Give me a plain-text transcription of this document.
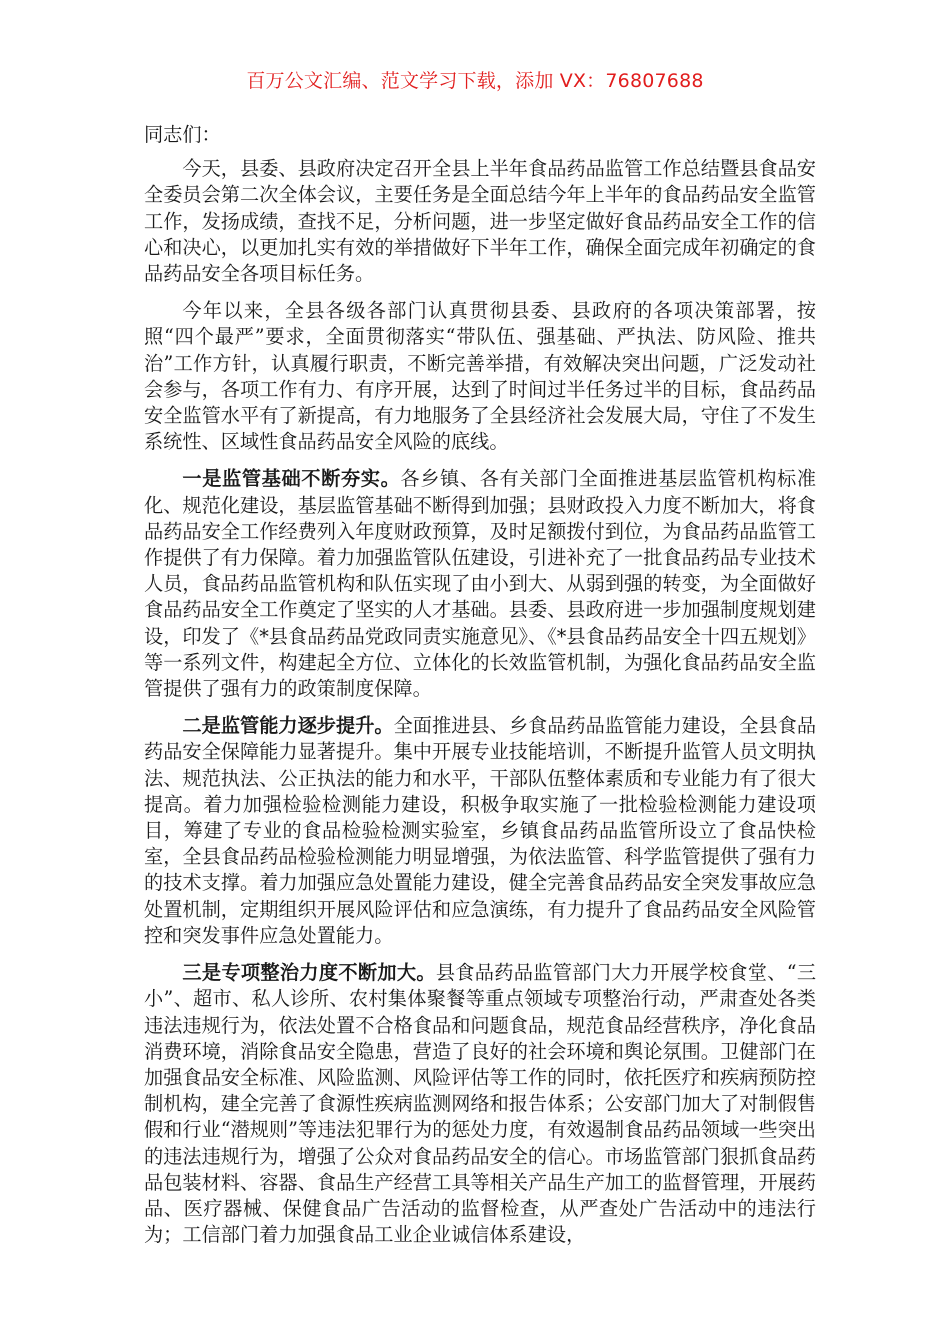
百万公文汇编、范文学习下载，添加 VX：76807688

同志们：

今天，县委、县政府决定召开全县上半年食品药品监管工作总结暨县食品安全委员会第二次全体会议，主要任务是全面总结今年上半年的食品药品安全监管工作，发扬成绩，查找不足，分析问题，进一步坚定做好食品药品安全工作的信心和决心，以更加扎实有效的举措做好下半年工作，确保全面完成年初确定的食品药品安全各项目标任务。

今年以来，全县各级各部门认真贯彻县委、县政府的各项决策部署，按照“四个最严”要求，全面贯彻落实“带队伍、强基础、严执法、防风险、推共治”工作方针，认真履行职责，不断完善举措，有效解决突出问题，广泛发动社会参与，各项工作有力、有序开展，达到了时间过半任务过半的目标，食品药品安全监管水平有了新提高，有力地服务了全县经济社会发展大局，守住了不发生系统性、区域性食品药品安全风险的底线。

一是监管基础不断夯实。各乡镇、各有关部门全面推进基层监管机构标准化、规范化建设，基层监管基础不断得到加强；县财政投入力度不断加大，将食品药品安全工作经费列入年度财政预算，及时足额拨付到位，为食品药品监管工作提供了有力保障。着力加强监管队伍建设，引进补充了一批食品药品专业技术人员，食品药品监管机构和队伍实现了由小到大、从弱到强的转变，为全面做好食品药品安全工作奠定了坚实的人才基础。县委、县政府进一步加强制度规划建设，印发了《*县食品药品党政同责实施意见》、《*县食品药品安全十四五规划》等一系列文件，构建起全方位、立体化的长效监管机制，为强化食品药品安全监管提供了强有力的政策制度保障。

二是监管能力逐步提升。全面推进县、乡食品药品监管能力建设，全县食品药品安全保障能力显著提升。集中开展专业技能培训，不断提升监管人员文明执法、规范执法、公正执法的能力和水平，干部队伍整体素质和专业能力有了很大提高。着力加强检验检测能力建设，积极争取实施了一批检验检测能力建设项目，筹建了专业的食品检验检测实验室，乡镇食品药品监管所设立了食品快检室，全县食品药品检验检测能力明显增强，为依法监管、科学监管提供了强有力的技术支撑。着力加强应急处置能力建设，健全完善食品药品安全突发事故应急处置机制，定期组织开展风险评估和应急演练，有力提升了食品药品安全风险管控和突发事件应急处置能力。

三是专项整治力度不断加大。县食品药品监管部门大力开展学校食堂、“三小”、超市、私人诊所、农村集体聚餐等重点领域专项整治行动，严肃查处各类违法违规行为，依法处置不合格食品和问题食品，规范食品经营秩序，净化食品消费环境，消除食品安全隐患，营造了良好的社会环境和舆论氛围。卫健部门在加强食品安全标准、风险监测、风险评估等工作的同时，依托医疗和疾病预防控制机构，建全完善了食源性疾病监测网络和报告体系；公安部门加大了对制假售假和行业“潜规则”等违法犯罪行为的惩处力度，有效遏制食品药品领域一些突出的违法违规行为，增强了公众对食品药品安全的信心。市场监管部门狠抓食品药品包装材料、容器、食品生产经营工具等相关产品生产加工的监督管理，开展药品、医疗器械、保健食品广告活动的监督检查，从严查处广告活动中的违法行为；工信部门着力加强食品工业企业诚信体系建设，
